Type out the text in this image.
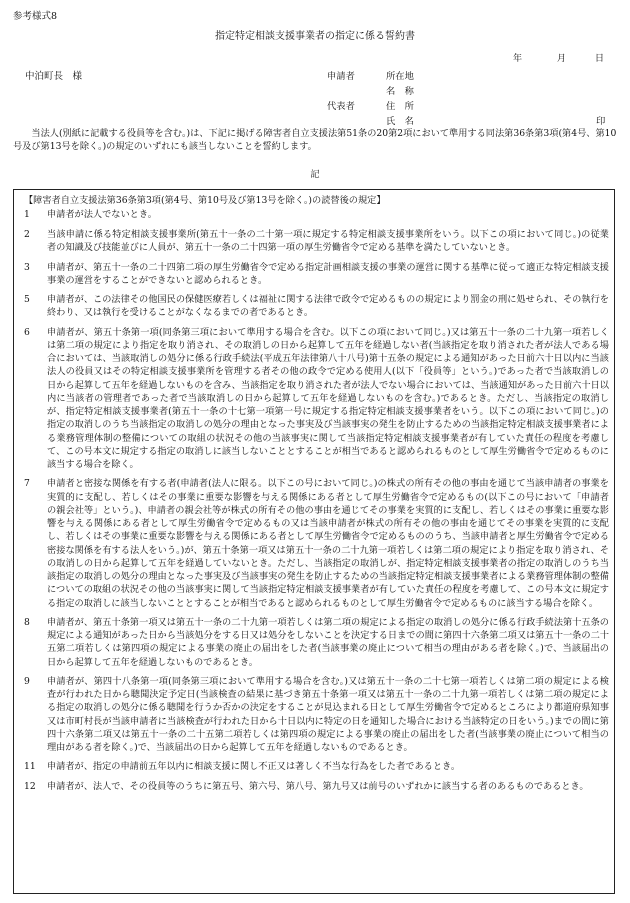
参考様式8
指定特定相談支援事業者の指定に係る誓約書
年	月	日
中泊町長　様	申請者	所在地
名　称
代表者	住　所
氏　名	印
当法人(別紙に記載する役員等を含む。)は、下記に掲げる障害者自立支援法第51条の20第2項において準用する同法第36条第3項(第4号、第10号及び第13号を除く。)の規定のいずれにも該当しないことを誓約します。
記

【障害者自立支援法第36条第3項(第4号、第10号及び第13号を除く。)の読替後の規定】

1	申請者が法人でないとき。
2	当該申請に係る特定相談支援事業所(第五十一条の二十第一項に規定する特定相談支援事業所をいう。以下この項において同じ。)の従業者の知識及び技能並びに人員が、第五十一条の二十四第一項の厚生労働省令で定める基準を満たしていないとき。
3	申請者が、第五十一条の二十四第二項の厚生労働省令で定める指定計画相談支援の事業の運営に関する基準に従って適正な特定相談支援事業の運営をすることができないと認められるとき。
5	申請者が、この法律その他国民の保健医療若しくは福祉に関する法律で政令で定めるものの規定により罰金の刑に処せられ、その執行を終わり、又は執行を受けることがなくなるまでの者であるとき。
6	申請者が、第五十条第一項(同条第三項において準用する場合を含む。以下この項において同じ。)又は第五十一条の二十九第一項若しくは第二項の規定により指定を取り消され、その取消しの日から起算して五年を経過しない者(当該指定を取り消された者が法人である場合においては、当該取消しの処分に係る行政手続法(平成五年法律第八十八号)第十五条の規定による通知があった日前六十日以内に当該法人の役員又はその特定相談支援事業所を管理する者その他の政令で定める使用人(以下「役員等」という。)であった者で当該取消しの日から起算して五年を経過しないものを含み、当該指定を取り消された者が法人でない場合においては、当該通知があった日前六十日以内に当該者の管理者であった者で当該取消しの日から起算して五年を経過しないものを含む。)であるとき。ただし、当該指定の取消しが、指定特定相談支援事業者(第五十一条の十七第一項第一号に規定する指定特定相談支援事業者をいう。以下この項において同じ。)の指定の取消しのうち当該指定の取消しの処分の理由となった事実及び当該事実の発生を防止するための当該指定特定相談支援事業者による業務管理体制の整備についての取組の状況その他の当該事実に関して当該指定特定相談支援事業者が有していた責任の程度を考慮して、この号本文に規定する指定の取消しに該当しないこととすることが相当であると認められるものとして厚生労働省令で定めるものに該当する場合を除く。
7	申請者と密接な関係を有する者(申請者(法人に限る。以下この号において同じ。)の株式の所有その他の事由を通じて当該申請者の事業を実質的に支配し、若しくはその事業に重要な影響を与える関係にある者として厚生労働省令で定めるもの(以下この号において「申請者の親会社等」という。)、申請者の親会社等が株式の所有その他の事由を通じてその事業を実質的に支配し、若しくはその事業に重要な影響を与える関係にある者として厚生労働省令で定めるもの又は当該申請者が株式の所有その他の事由を通じてその事業を実質的に支配し、若しくはその事業に重要な影響を与える関係にある者として厚生労働省令で定めるもののうち、当該申請者と厚生労働省令で定める密接な関係を有する法人をいう。)が、第五十条第一項又は第五十一条の二十九第一項若しくは第二項の規定により指定を取り消され、その取消しの日から起算して五年を経過していないとき。ただし、当該指定の取消しが、指定特定相談支援事業者の指定の取消しのうち当該指定の取消しの処分の理由となった事実及び当該事実の発生を防止するための当該指定特定相談支援事業者による業務管理体制の整備についての取組の状況その他の当該事実に関して当該指定特定相談支援事業者が有していた責任の程度を考慮して、この号本文に規定する指定の取消しに該当しないこととすることが相当であると認められるものとして厚生労働省令で定めるものに該当する場合を除く。
8	申請者が、第五十条第一項又は第五十一条の二十九第一項若しくは第二項の規定による指定の取消しの処分に係る行政手続法第十五条の規定による通知があった日から当該処分をする日又は処分をしないことを決定する日までの間に第四十六条第二項又は第五十一条の二十五第二項若しくは第四項の規定による事業の廃止の届出をした者(当該事業の廃止について相当の理由がある者を除く。)で、当該届出の日から起算して五年を経過しないものであるとき。
9	申請者が、第四十八条第一項(同条第三項において準用する場合を含む。)又は第五十一条の二十七第一項若しくは第二項の規定による検査が行われた日から聴聞決定予定日(当該検査の結果に基づき第五十条第一項又は第五十一条の二十九第一項若しくは第二項の規定による指定の取消しの処分に係る聴聞を行うか否かの決定をすることが見込まれる日として厚生労働省令で定めるところにより都道府県知事又は市町村長が当該申請者に当該検査が行われた日から十日以内に特定の日を通知した場合における当該特定の日をいう。)までの間に第四十六条第二項又は第五十一条の二十五第二項若しくは第四項の規定による事業の廃止の届出をした者(当該事業の廃止について相当の理由がある者を除く。)で、当該届出の日から起算して五年を経過しないものであるとき。
11	申請者が、指定の申請前五年以内に相談支援に関し不正又は著しく不当な行為をした者であるとき。
12	申請者が、法人で、その役員等のうちに第五号、第六号、第八号、第九号又は前号のいずれかに該当する者のあるものであるとき。
